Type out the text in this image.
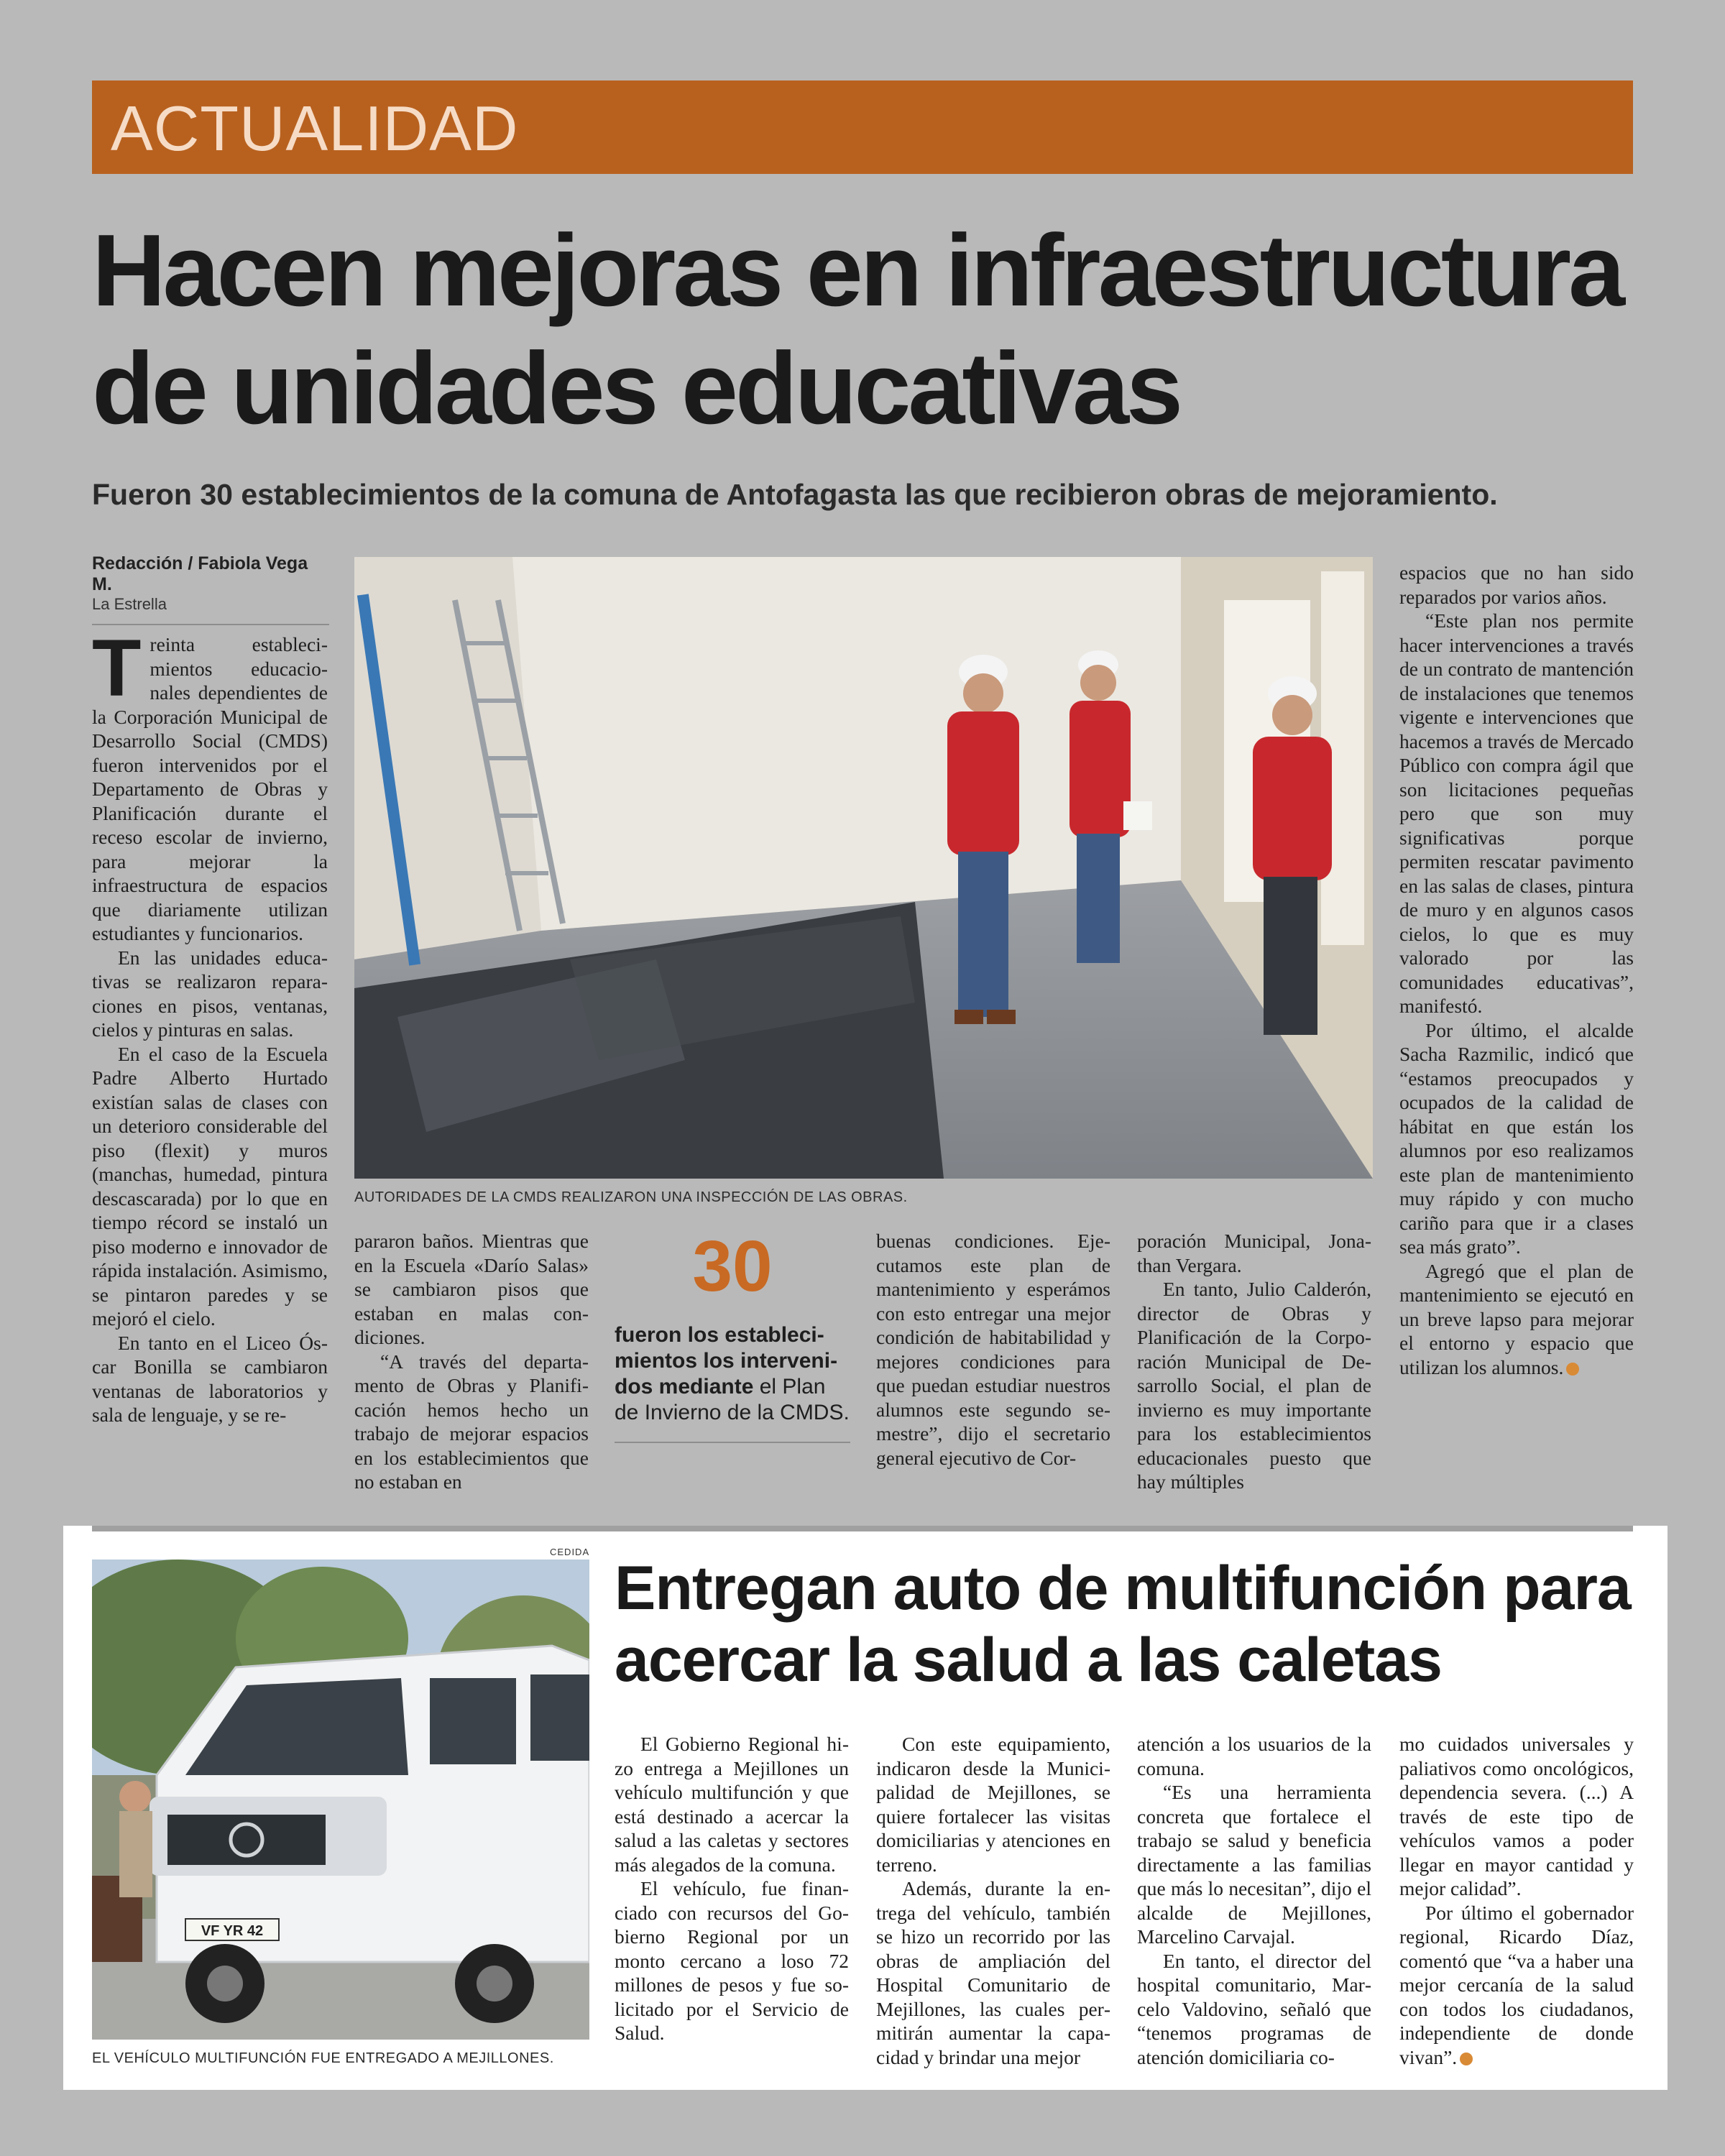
ACTUALIDAD
Hacen mejoras en infraestructura de unidades educativas
Fueron 30 establecimientos de la comuna de Antofagasta las que recibieron obras de mejoramiento.
Redacción / Fabiola Vega M.
La Estrella

Treinta establecimientos educacionales dependientes de la Corporación Municipal de Desarrollo Social (CMDS) fueron intervenidos por el Departamento de Obras y Planificación durante el receso escolar de invierno, para mejorar la infraestructura de espacios que diariamente utilizan estudiantes y funcionarios.

En las unidades educativas se realizaron reparaciones en pisos, ventanas, cielos y pinturas en salas.

En el caso de la Escuela Padre Alberto Hurtado existían salas de clases con un deterioro considerable del piso (flexit) y muros (manchas, humedad, pintura descascarada) por lo que en tiempo récord se instaló un piso moderno e innovador de rápida instalación. Asimismo, se pintaron paredes y se mejoró el cielo.

En tanto en el Liceo Óscar Bonilla se cambiaron ventanas de laboratorios y sala de lenguaje, y se re-

AUTORIDADES DE LA CMDS REALIZARON UNA INSPECCIÓN DE LAS OBRAS.

pararon baños. Mientras que en la Escuela «Darío Salas» se cambiaron pisos que estaban en malas condiciones.

“A través del departamento de Obras y Planificación hemos hecho un trabajo de mejorar espacios en los establecimientos que no estaban en

30
fueron los establecimientos los intervenidos mediante el Plan de Invierno de la CMDS.

buenas condiciones. Ejecutamos este plan de mantenimiento y esperámos con esto entregar una mejor condición de habitabilidad y mejores condiciones para que puedan estudiar nuestros alumnos este segundo semestre”, dijo el secretario general ejecutivo de Cor-

poración Municipal, Jonathan Vergara.

En tanto, Julio Calderón, director de Obras y Planificación de la Corporación Municipal de Desarrollo Social, el plan de invierno es muy importante para los establecimientos educacionales puesto que hay múltiples

espacios que no han sido reparados por varios años.

“Este plan nos permite hacer intervenciones a través de un contrato de mantención de instalaciones que tenemos vigente e intervenciones que hacemos a través de Mercado Público con compra ágil que son licitaciones pequeñas pero que son muy significativas porque permiten rescatar pavimento en las salas de clases, pintura de muro y en algunos casos cielos, lo que es muy valorado por las comunidades educativas”, manifestó.

Por último, el alcalde Sacha Razmilic, indicó que “estamos preocupados y ocupados de la calidad de hábitat en que están los alumnos por eso realizamos este plan de mantenimiento muy rápido y con mucho cariño para que ir a clases sea más grato”.

Agregó que el plan de mantenimiento se ejecutó en un breve lapso para mejorar el entorno y espacio que utilizan los alumnos.

CEDIDA
VF YR 42
EL VEHÍCULO MULTIFUNCIÓN FUE ENTREGADO A MEJILLONES.
Entregan auto de multifunción para acercar la salud a las caletas

El Gobierno Regional hizo entrega a Mejillones un vehículo multifunción y que está destinado a acercar la salud a las caletas y sectores más alegados de la comuna.

El vehículo, fue financiado con recursos del Gobierno Regional por un monto cercano a loso 72 millones de pesos y fue solicitado por el Servicio de Salud.

Con este equipamiento, indicaron desde la Municipalidad de Mejillones, se quiere fortalecer las visitas domiciliarias y atenciones en terreno.

Además, durante la entrega del vehículo, también se hizo un recorrido por las obras de ampliación del Hospital Comunitario de Mejillones, las cuales permitirán aumentar la capacidad y brindar una mejor

atención a los usuarios de la comuna.

“Es una herramienta concreta que fortalece el trabajo se salud y beneficia directamente a las familias que más lo necesitan”, dijo el alcalde de Mejillones, Marcelino Carvajal.

En tanto, el director del hospital comunitario, Marcelo Valdovino, señaló que “tenemos programas de atención domiciliaria co-

mo cuidados universales y paliativos como oncológicos, dependencia severa. (...) A través de este tipo de vehículos vamos a poder llegar en mayor cantidad y mejor calidad”.

Por último el gobernador regional, Ricardo Díaz, comentó que “va a haber una mejor cercanía de la salud con todos los ciudadanos, independiente de donde vivan”.
